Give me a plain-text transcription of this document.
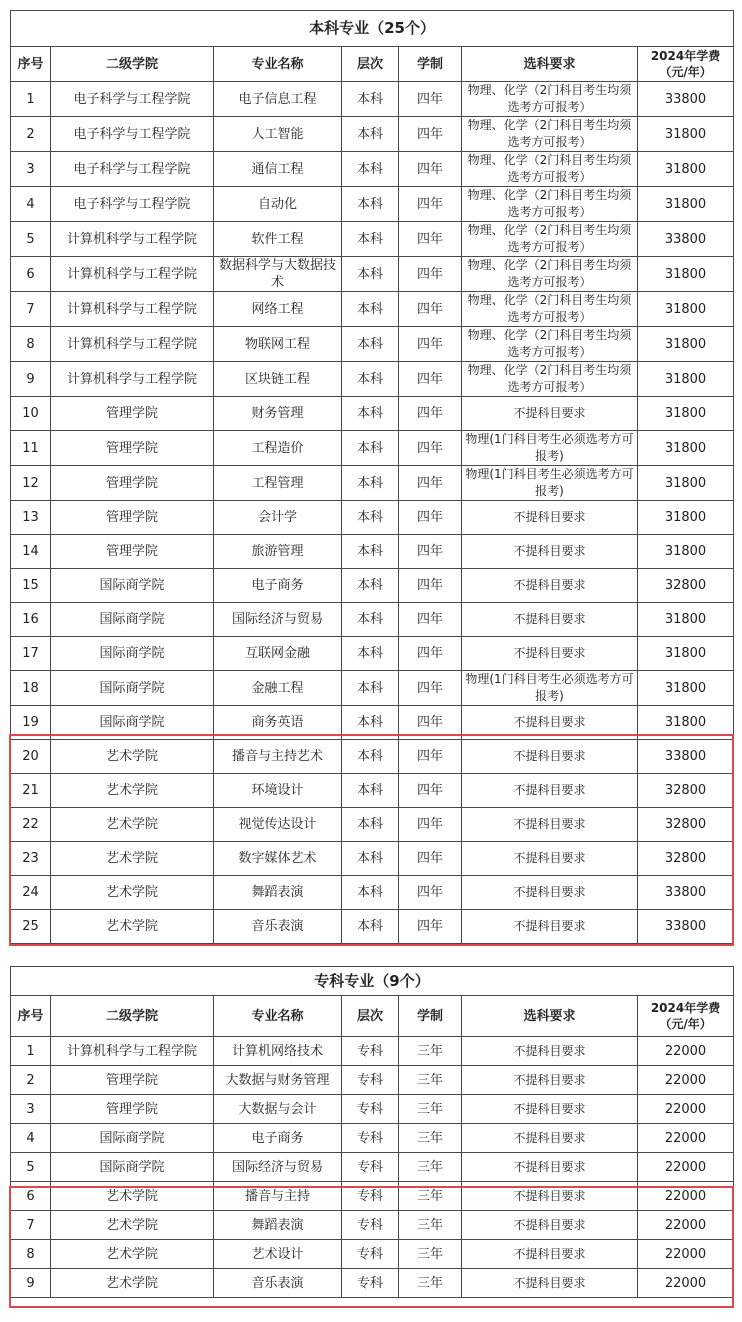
本科专业（25个）						
序号	二级学院	专业名称	层次	学制	选科要求	2024年学费
（元/年）
1	电子科学与工程学院	电子信息工程	本科	四年	物理、化学（2门科目考生均须选考方可报考）	33800
2	电子科学与工程学院	人工智能	本科	四年	物理、化学（2门科目考生均须选考方可报考）	31800
3	电子科学与工程学院	通信工程	本科	四年	物理、化学（2门科目考生均须选考方可报考）	31800
4	电子科学与工程学院	自动化	本科	四年	物理、化学（2门科目考生均须选考方可报考）	31800
5	计算机科学与工程学院	软件工程	本科	四年	物理、化学（2门科目考生均须选考方可报考）	33800
6	计算机科学与工程学院	数据科学与大数据技术	本科	四年	物理、化学（2门科目考生均须选考方可报考）	31800
7	计算机科学与工程学院	网络工程	本科	四年	物理、化学（2门科目考生均须选考方可报考）	31800
8	计算机科学与工程学院	物联网工程	本科	四年	物理、化学（2门科目考生均须选考方可报考）	31800
9	计算机科学与工程学院	区块链工程	本科	四年	物理、化学（2门科目考生均须选考方可报考）	31800
10	管理学院	财务管理	本科	四年	不提科目要求	31800
11	管理学院	工程造价	本科	四年	物理(1门科目考生必须选考方可报考)	31800
12	管理学院	工程管理	本科	四年	物理(1门科目考生必须选考方可报考)	31800
13	管理学院	会计学	本科	四年	不提科目要求	31800
14	管理学院	旅游管理	本科	四年	不提科目要求	31800
15	国际商学院	电子商务	本科	四年	不提科目要求	32800
16	国际商学院	国际经济与贸易	本科	四年	不提科目要求	31800
17	国际商学院	互联网金融	本科	四年	不提科目要求	31800
18	国际商学院	金融工程	本科	四年	物理(1门科目考生必须选考方可报考)	31800
19	国际商学院	商务英语	本科	四年	不提科目要求	31800
20	艺术学院	播音与主持艺术	本科	四年	不提科目要求	33800
21	艺术学院	环境设计	本科	四年	不提科目要求	32800
22	艺术学院	视觉传达设计	本科	四年	不提科目要求	32800
23	艺术学院	数字媒体艺术	本科	四年	不提科目要求	32800
24	艺术学院	舞蹈表演	本科	四年	不提科目要求	33800
25	艺术学院	音乐表演	本科	四年	不提科目要求	33800
专科专业（9个）						
序号	二级学院	专业名称	层次	学制	选科要求	2024年学费
（元/年）
1	计算机科学与工程学院	计算机网络技术	专科	三年	不提科目要求	22000
2	管理学院	大数据与财务管理	专科	三年	不提科目要求	22000
3	管理学院	大数据与会计	专科	三年	不提科目要求	22000
4	国际商学院	电子商务	专科	三年	不提科目要求	22000
5	国际商学院	国际经济与贸易	专科	三年	不提科目要求	22000
6	艺术学院	播音与主持	专科	三年	不提科目要求	22000
7	艺术学院	舞蹈表演	专科	三年	不提科目要求	22000
8	艺术学院	艺术设计	专科	三年	不提科目要求	22000
9	艺术学院	音乐表演	专科	三年	不提科目要求	22000
